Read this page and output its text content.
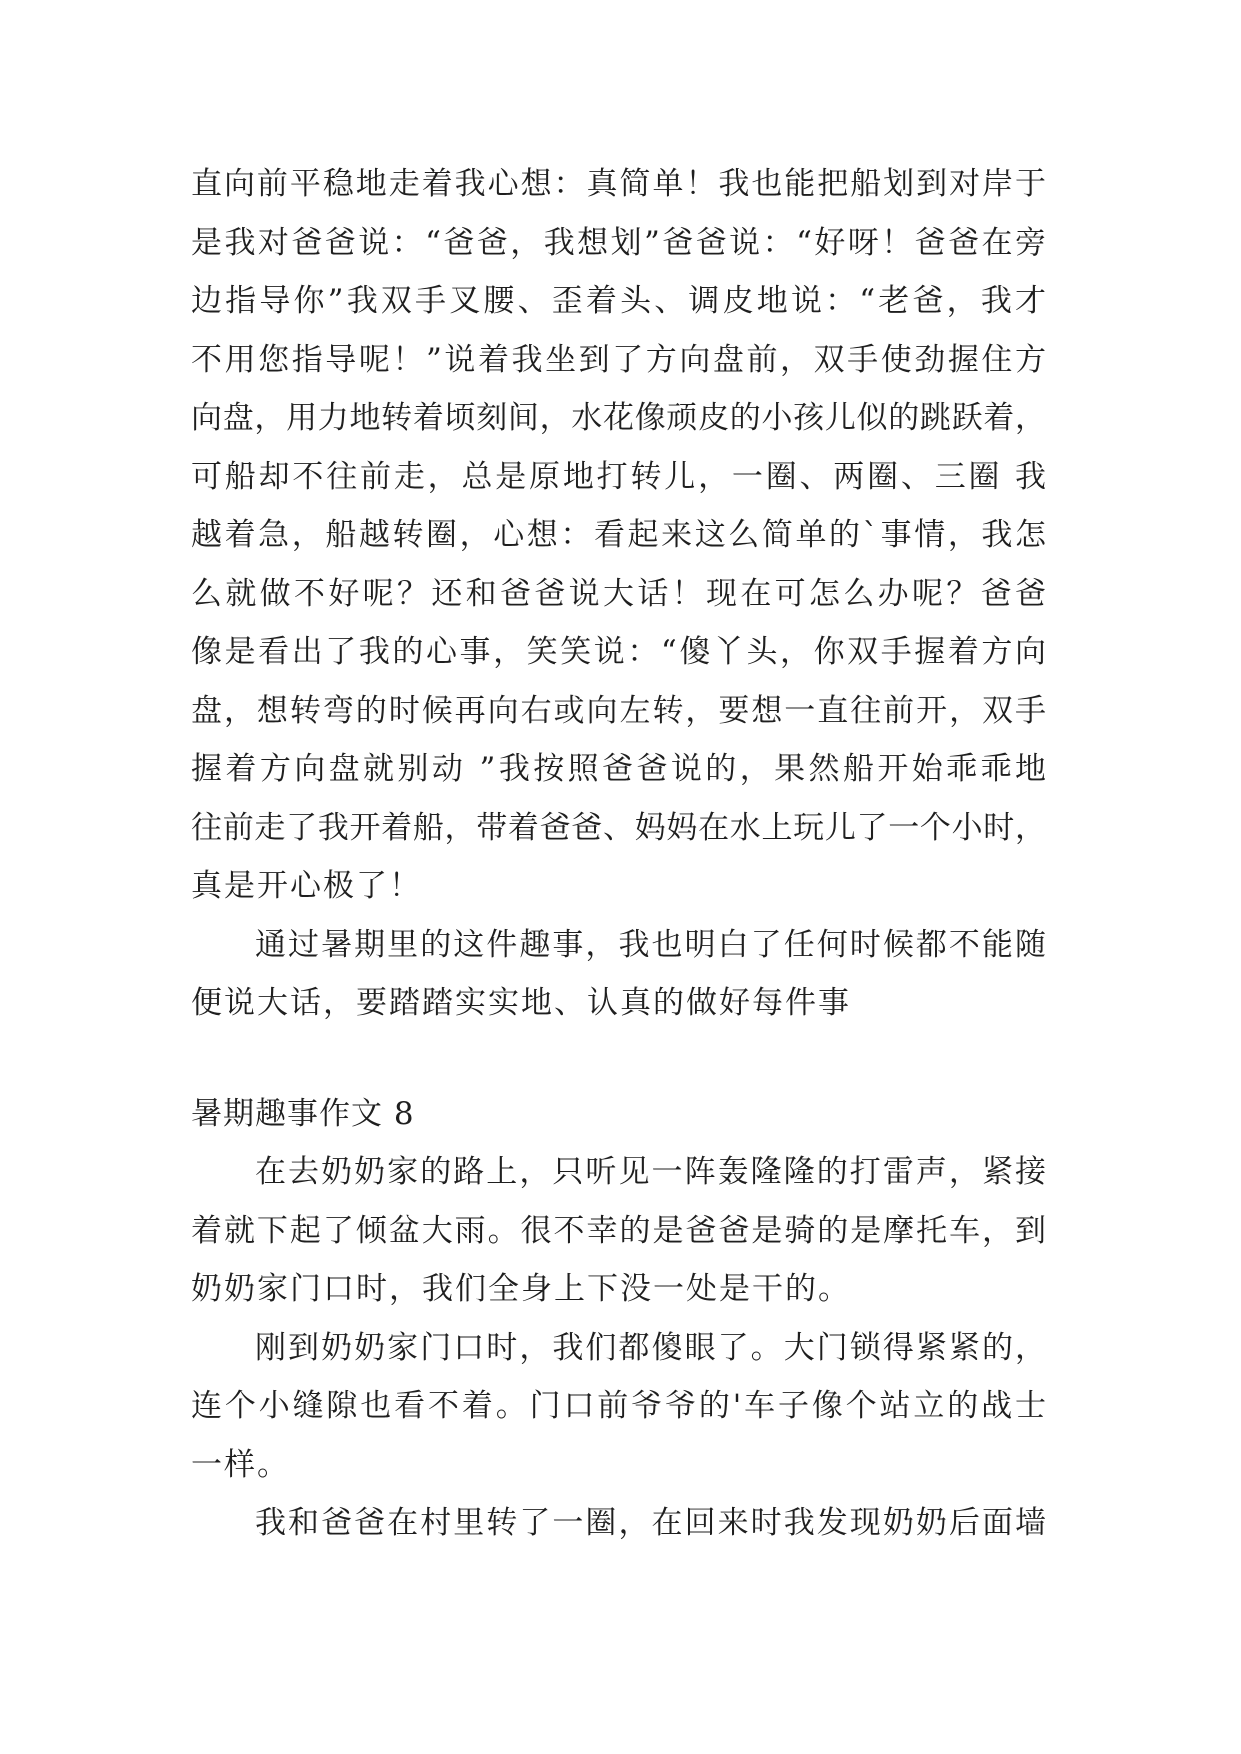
直向前平稳地走着我心想：真简单！我也能把船划到对岸于
是我对爸爸说：“爸爸，我想划”爸爸说：“好呀！爸爸在旁
边指导你”我双手叉腰、歪着头、调皮地说：“老爸，我才
不用您指导呢！”说着我坐到了方向盘前，双手使劲握住方
向盘，用力地转着顷刻间，水花像顽皮的小孩儿似的跳跃着，
可船却不往前走，总是原地打转儿，一圈、两圈、三圈 我
越着急，船越转圈，心想：看起来这么简单的`事情，我怎
么就做不好呢？还和爸爸说大话！现在可怎么办呢？爸爸
像是看出了我的心事，笑笑说：“傻丫头，你双手握着方向
盘，想转弯的时候再向右或向左转，要想一直往前开，双手
握着方向盘就别动 ”我按照爸爸说的，果然船开始乖乖地
往前走了我开着船，带着爸爸、妈妈在水上玩儿了一个小时，
真是开心极了！
通过暑期里的这件趣事，我也明白了任何时候都不能随
便说大话，要踏踏实实地、认真的做好每件事
暑期趣事作文 8
在去奶奶家的路上，只听见一阵轰隆隆的打雷声，紧接
着就下起了倾盆大雨。很不幸的是爸爸是骑的是摩托车，到
奶奶家门口时，我们全身上下没一处是干的。
刚到奶奶家门口时，我们都傻眼了。大门锁得紧紧的，
连个小缝隙也看不着。门口前爷爷的'车子像个站立的战士
一样。
我和爸爸在村里转了一圈，在回来时我发现奶奶后面墙
